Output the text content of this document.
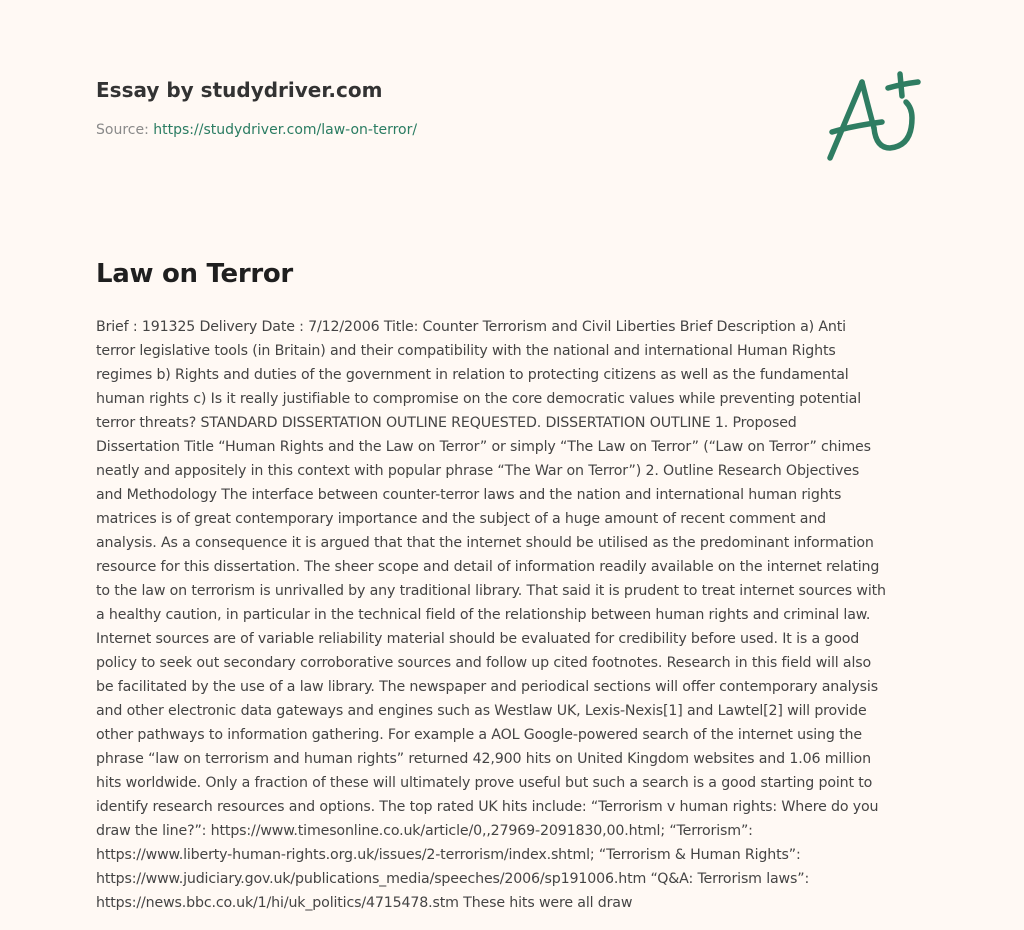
Essay by studydriver.com
Source: https://studydriver.com/law-on-terror/
Law on Terror
Brief : 191325 Delivery Date : 7/12/2006 Title: Counter Terrorism and Civil Liberties Brief Description a) Anti
terror legislative tools (in Britain) and their compatibility with the national and international Human Rights
regimes b) Rights and duties of the government in relation to protecting citizens as well as the fundamental
human rights c) Is it really justifiable to compromise on the core democratic values while preventing potential
terror threats? STANDARD DISSERTATION OUTLINE REQUESTED. DISSERTATION OUTLINE 1. Proposed
Dissertation Title “Human Rights and the Law on Terror” or simply “The Law on Terror” (“Law on Terror” chimes
neatly and appositely in this context with popular phrase “The War on Terror”) 2. Outline Research Objectives
and Methodology The interface between counter-terror laws and the nation and international human rights
matrices is of great contemporary importance and the subject of a huge amount of recent comment and
analysis. As a consequence it is argued that that the internet should be utilised as the predominant information
resource for this dissertation. The sheer scope and detail of information readily available on the internet relating
to the law on terrorism is unrivalled by any traditional library. That said it is prudent to treat internet sources with
a healthy caution, in particular in the technical field of the relationship between human rights and criminal law.
Internet sources are of variable reliability material should be evaluated for credibility before used. It is a good
policy to seek out secondary corroborative sources and follow up cited footnotes. Research in this field will also
be facilitated by the use of a law library. The newspaper and periodical sections will offer contemporary analysis
and other electronic data gateways and engines such as Westlaw UK, Lexis-Nexis[1] and Lawtel[2] will provide
other pathways to information gathering. For example a AOL Google-powered search of the internet using the
phrase “law on terrorism and human rights” returned 42,900 hits on United Kingdom websites and 1.06 million
hits worldwide. Only a fraction of these will ultimately prove useful but such a search is a good starting point to
identify research resources and options. The top rated UK hits include: “Terrorism v human rights: Where do you
draw the line?”: https://www.timesonline.co.uk/article/0,,27969-2091830,00.html; “Terrorism”:
https://www.liberty-human-rights.org.uk/issues/2-terrorism/index.shtml; “Terrorism & Human Rights”:
https://www.judiciary.gov.uk/publications_media/speeches/2006/sp191006.htm “Q&A: Terrorism laws”:
https://news.bbc.co.uk/1/hi/uk_politics/4715478.stm These hits were all draw
